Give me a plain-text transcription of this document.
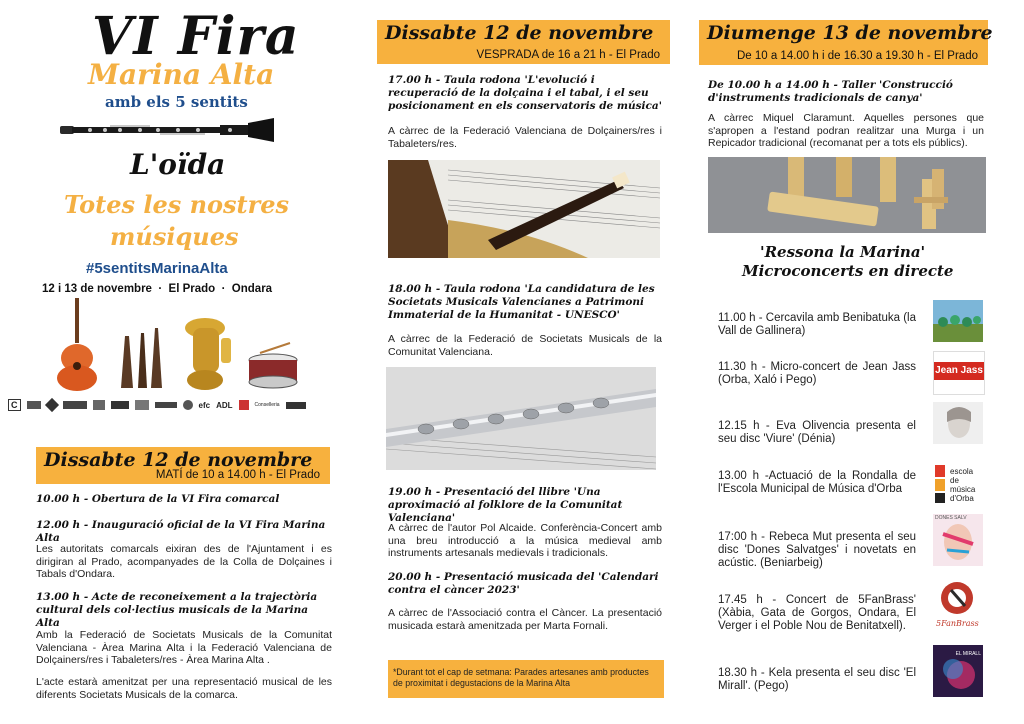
VI Fira
Marina Alta
amb els 5 sentits
L'oïda
Totes les nostres
músiques
#5sentitsMarinaAlta
12 i 13 de novembre  ·  El Prado  ·  Ondara
C	efc ADL	Conselleria
Dissabte 12 de novembre
MATÍ de 10 a 14.00 h - El Prado
10.00 h - Obertura de la VI Fira comarcal
12.00 h - Inauguració oficial de la VI Fira Marina Alta
Les autoritats comarcals eixiran des de l'Ajuntament i es dirigiran al Prado, acompanyades de la Colla de Dolçaines i Tabals d'Ondara.
13.00 h - Acte de reconeixement a la trajectòria cultural dels col·lectius musicals de la Marina Alta
Amb la Federació de Societats Musicals de la Comunitat Valenciana - Àrea Marina Alta i la Federació Valenciana de Dolçainers/res i Tabaleters/res - Àrea Marina Alta .
L'acte estarà amenitzat per una representació musical de les diferents Societats Musicals de la comarca.
Dissabte 12 de novembre
VESPRADA de 16 a 21 h - El Prado
17.00 h - Taula rodona 'L'evolució i recuperació de la dolçaina i el tabal, i el seu posicionament en els conservatoris de música'
A càrrec de la Federació Valenciana de Dolçainers/res i Tabaleters/res.
18.00 h - Taula rodona 'La candidatura de les Societats Musicals Valencianes a Patrimoni Immaterial de la Humanitat - UNESCO'
A càrrec de la Federació de Societats Musicals de la Comunitat Valenciana.
19.00 h - Presentació del llibre 'Una aproximació al folklore de la Comunitat Valenciana'
A càrrec de l'autor Pol Alcaide. Conferència-Concert amb una breu introducció a la música medieval amb instruments artesanals medievals i tradicionals.
20.00 h - Presentació musicada del 'Calendari contra el càncer 2023'
A càrrec de l'Associació contra el Càncer. La presentació musicada estarà amenitzada per Marta Fornali.
*Durant tot el cap de setmana: Parades artesanes amb productes de proximitat i degustacions de la Marina Alta
Diumenge 13 de novembre
De 10 a 14.00 h i de 16.30 a 19.30 h - El Prado
De 10.00 h a 14.00 h - Taller 'Construcció d'instruments tradicionals de canya'
A càrrec Miquel Claramunt. Aquelles persones que s'apropen a l'estand podran realitzar una Murga i un Repicador tradicional (recomanat per a tots els públics).
'Ressona la Marina'
Microconcerts en directe
11.00 h - Cercavila amb Benibatuka (la Vall de Gallinera)
11.30 h - Micro-concert de Jean Jass (Orba, Xaló i Pego)
Jean Jass
12.15 h - Eva Olivencia presenta el seu disc 'Viure' (Dénia)
13.00 h -Actuació de la Rondalla de l'Escola Municipal de Música d'Orba
escola de música d'Orba
17:00 h - Rebeca Mut presenta el seu disc 'Dones Salvatges' i novetats en acústic. (Beniarbeig)
DONES SALV
17.45 h - Concert de 5FanBrass' (Xàbia, Gata de Gorgos, Ondara, El Verger i el Poble Nou de Benitatxell).	5FanBrass
18.30 h - Kela presenta el seu disc 'El Mirall'. (Pego)
EL MIRALL
